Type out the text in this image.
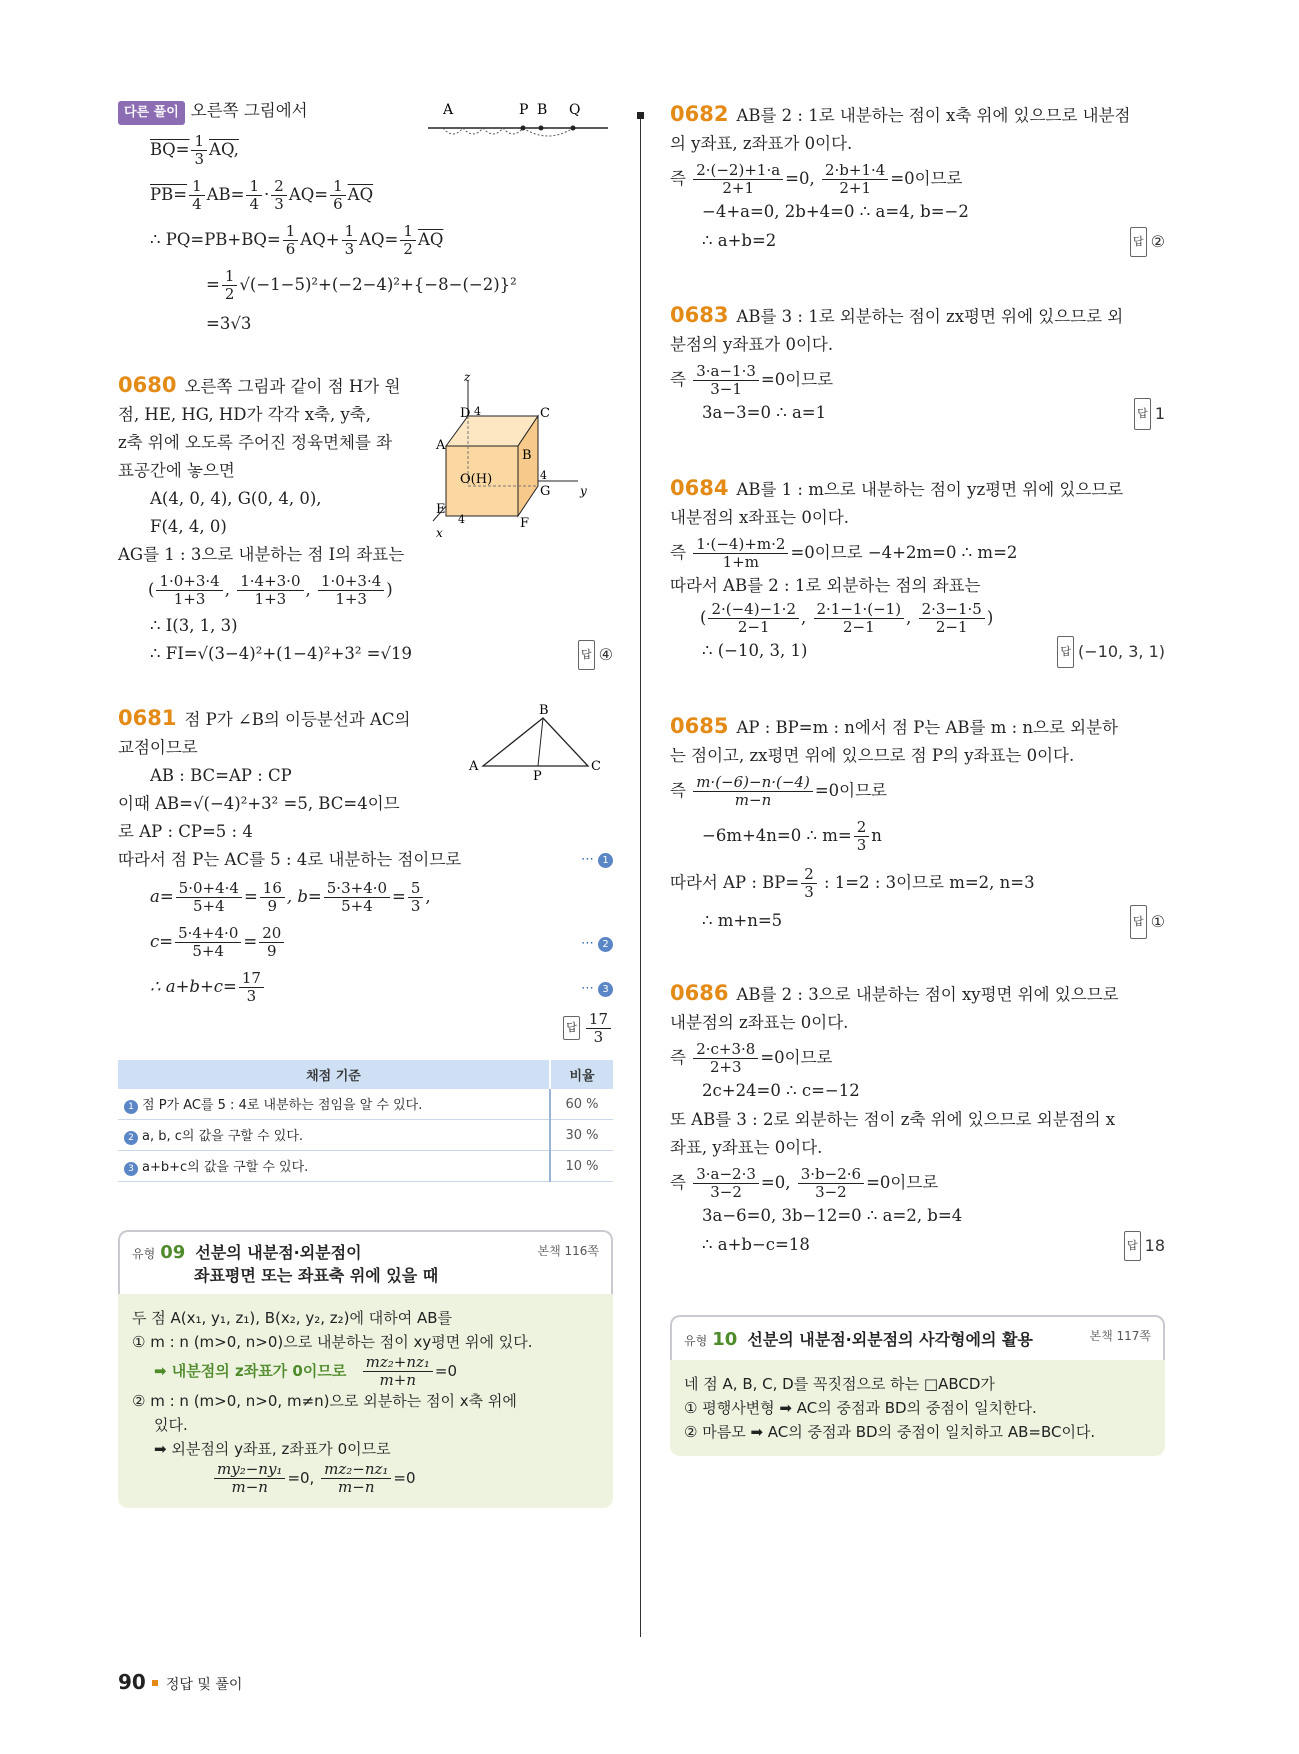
A	P B Q

다른 풀이 오른쪽 그림에서

$BQ= \frac{1}{3}$ AQ,

$PB= \frac{1}{4} AB= \frac{1}{4} \cdot \frac{2}{3} AQ= \frac{1}{6} \overline{AQ}$

∴ $PQ=PB+BQ= \frac{1}{6} AQ+ \frac{1}{3} AQ= \frac{1}{2} \overline{AQ}$

= $\frac{1}{2} √(-1-5)^2+(-2-4)^2+\{-8-(-2)\}^2$

=3√3

z
D 4	C
A
B
O(H)	4
G y
E
4	F
x

0680 오른쪽 그림과 같이 점 H가 원

점, HE, HG, HD가 각각 x축, y축,

z축 위에 오도록 주어진 정육면체를 좌

표공간에 놓으면

A(4, 0, 4), G(0, 4, 0),

F(4, 4, 0)

AG를 1 : 3으로 내분하는 점 I의 좌표는

( $\frac{1\cdot 0+3\cdot 4}{1+3}$ , $\frac{1\cdot 4+3\cdot 0}{1+3}$ , $\frac{1\cdot 0+3\cdot 4}{1+3}$ )

∴ I(3, 1, 3)

∴ FI=√(3−4)²+(1−4)²+3² =√19	답 ④

B
A
P
C

0681 점 P가 ∠B의 이등분선과 AC의

교점이므로

AB : BC=AP : CP

이때 AB=√(−4)²+3² =5, BC=4이므

로 AP : CP=5 : 4

따라서 점 P는 AC를 5 : 4로 내분하는 점이므로	⋯ 1

$a= \frac{5\cdot 0+4\cdot 4}{5+4} = \frac{16}{9}$ , $b= \frac{5\cdot 3+4\cdot 0}{5+4} = \frac{5}{3}$ ,

$c= \frac{5\cdot 4+4\cdot 0}{5+4} = \frac{20}{9}$	⋯ 2

∴ $a+b+c= \frac{17}{3}$	⋯ 3

답 $\frac{17}{3}$

채점 기준	비율
1 점 P가 AC를 5 : 4로 내분하는 점임을 알 수 있다.	60 %
2 a, b, c의 값을 구할 수 있다.	30 %
3 a+b+c의 값을 구할 수 있다.	10 %
유형 09 선분의 내분점·외분점이
좌표평면 또는 좌표축 위에 있을 때
본책 116쪽
두 점 A(x₁, y₁, z₁), B(x₂, y₂, z₂)에 대하여 AB를
① m : n (m>0, n>0)으로 내분하는 점이 xy평면 위에 있다.
➡ 내분점의 z좌표가 0이므로 $\frac{\text{mz₂+nz₁}}{m+n} =0$
② m : n (m>0, n>0, m≠n)으로 외분하는 점이 x축 위에
있다.
➡ 외분점의 y좌표, z좌표가 0이므로
$\frac{\text{my₂−ny₁}}{m-n} =0$, $\frac{\text{mz₂−nz₁}}{m-n} =0$

0682 AB를 2 : 1로 내분하는 점이 x축 위에 있으므로 내분점

의 y좌표, z좌표가 0이다.

즉 $\frac{2\cdot(-2)+1\cdot a}{2+1} =0$, $\frac{2\cdot b+1\cdot 4}{2+1} =0$이므로

−4+a=0, 2b+4=0 ∴ a=4, b=−2

∴ a+b=2	답 ②

0683 AB를 3 : 1로 외분하는 점이 zx평면 위에 있으므로 외

분점의 y좌표가 0이다.

즉 $\frac{3\cdot a-1\cdot 3}{3-1} =0$이므로

3a−3=0 ∴ a=1	답 1

0684 AB를 1 : m으로 내분하는 점이 yz평면 위에 있으므로

내분점의 x좌표는 0이다.

즉 $\frac{1\cdot(-4)+m\cdot 2}{1+m} =0$이므로 −4+2m=0 ∴ m=2

따라서 AB를 2 : 1로 외분하는 점의 좌표는

( $\frac{2\cdot(-4)-1\cdot 2}{2-1}$ , $\frac{2\cdot 1-1\cdot(-1)}{2-1}$ , $\frac{2\cdot 3-1\cdot 5}{2-1}$ )

∴ (−10, 3, 1)	답 (−10, 3, 1)

0685 AP : BP=m : n에서 점 P는 AB를 m : n으로 외분하

는 점이고, zx평면 위에 있으므로 점 P의 y좌표는 0이다.

즉 $\frac{m\cdot(-6)-n\cdot(-4)}{m-n} =0$이므로

−6m+4n=0 ∴ $m= \frac{2}{3}$ n

따라서 AP : $BP= \frac{2}{3}$ : 1=2 : 3이므로 m=2, n=3

∴ m+n=5	답 ①

0686 AB를 2 : 3으로 내분하는 점이 xy평면 위에 있으므로

내분점의 z좌표는 0이다.

즉 $\frac{2\cdot c+3\cdot 8}{2+3} =0$이므로

2c+24=0 ∴ c=−12

또 AB를 3 : 2로 외분하는 점이 z축 위에 있으므로 외분점의 x

좌표, y좌표는 0이다.

즉 $\frac{3\cdot a-2\cdot 3}{3-2} =0$, $\frac{3\cdot b-2\cdot 6}{3-2} =0$이므로

3a−6=0, 3b−12=0 ∴ a=2, b=4

∴ a+b−c=18	답 18

유형 10 선분의 내분점·외분점의 사각형에의 활용	본책 117쪽
네 점 A, B, C, D를 꼭짓점으로 하는 □ABCD가
① 평행사변형 ➡ AC의 중점과 BD의 중점이 일치한다.
② 마름모 ➡ AC의 중점과 BD의 중점이 일치하고 AB=BC이다.
90 정답 및 풀이
